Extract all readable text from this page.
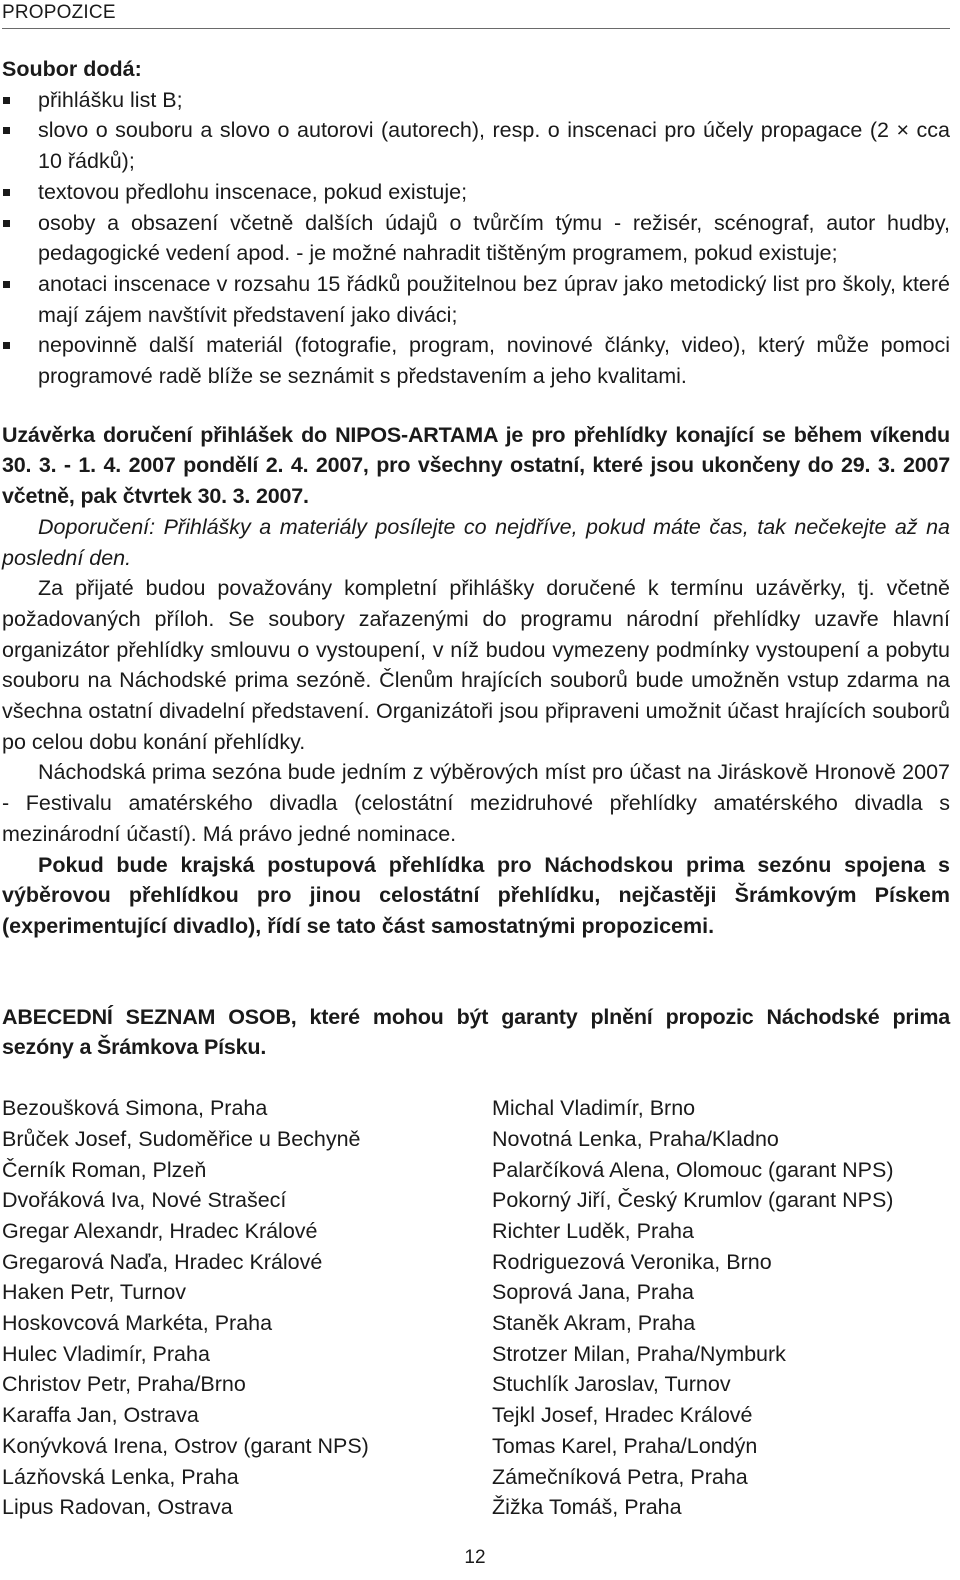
PROPOZICE
Soubor dodá:
přihlášku list B;
slovo o souboru a slovo o autorovi (autorech), resp. o inscenaci pro účely propagace (2 × cca 10 řádků);
textovou předlohu inscenace, pokud existuje;
osoby a obsazení včetně dalších údajů o tvůrčím týmu - režisér, scénograf, autor hudby, pedagogické vedení apod. - je možné nahradit tištěným programem, pokud existuje;
anotaci inscenace v rozsahu 15 řádků použitelnou bez úprav jako metodický list pro školy, které mají zájem navštívit představení jako diváci;
nepovinně další materiál (fotografie, program, novinové články, video), který může pomoci programové radě blíže se seznámit s představením a jeho kvalitami.
Uzávěrka doručení přihlášek do NIPOS-ARTAMA je pro přehlídky konající se během víkendu 30. 3. - 1. 4. 2007 pondělí 2. 4. 2007, pro všechny ostatní, které jsou ukončeny do 29. 3. 2007 včetně, pak čtvrtek 30. 3. 2007.
Doporučení: Přihlášky a materiály posílejte co nejdříve, pokud máte čas, tak nečekejte až na poslední den.
Za přijaté budou považovány kompletní přihlášky doručené k termínu uzávěrky, tj. včetně požadovaných příloh. Se soubory zařazenými do programu národní přehlídky uzavře hlavní organizátor přehlídky smlouvu o vystoupení, v níž budou vymezeny podmínky vystoupení a pobytu souboru na Náchodské prima sezóně. Členům hrajících souborů bude umožněn vstup zdarma na všechna ostatní divadelní představení. Organizátoři jsou připraveni umožnit účast hrajících souborů po celou dobu konání přehlídky.
Náchodská prima sezóna bude jedním z výběrových míst pro účast na Jiráskově Hronově 2007 - Festivalu amatérského divadla (celostátní mezidruhové přehlídky amatérského divadla s mezinárodní účastí). Má právo jedné nominace.
Pokud bude krajská postupová přehlídka pro Náchodskou prima sezónu spojena s výběrovou přehlídkou pro jinou celostátní přehlídku, nejčastěji Šrámkovým Pískem (experimentující divadlo), řídí se tato část samostatnými propozicemi.
ABECEDNÍ SEZNAM OSOB, které mohou být garanty plnění propozic Náchodské prima sezóny a Šrámkova Písku.
Bezoušková Simona, Praha
Brůček Josef, Sudoměřice u Bechyně
Černík Roman, Plzeň
Dvořáková Iva, Nové Strašecí
Gregar Alexandr, Hradec Králové
Gregarová Naďa, Hradec Králové
Haken Petr, Turnov
Hoskovcová Markéta, Praha
Hulec Vladimír, Praha
Christov Petr, Praha/Brno
Karaffa Jan, Ostrava
Konývková Irena, Ostrov (garant NPS)
Lázňovská Lenka, Praha
Lipus Radovan, Ostrava
Michal Vladimír, Brno
Novotná Lenka, Praha/Kladno
Palarčíková Alena, Olomouc (garant NPS)
Pokorný Jiří, Český Krumlov (garant NPS)
Richter Luděk, Praha
Rodriguezová Veronika, Brno
Soprová Jana, Praha
Staněk Akram, Praha
Strotzer Milan, Praha/Nymburk
Stuchlík Jaroslav, Turnov
Tejkl Josef, Hradec Králové
Tomas Karel, Praha/Londýn
Zámečníková Petra, Praha
Žižka Tomáš, Praha
12
